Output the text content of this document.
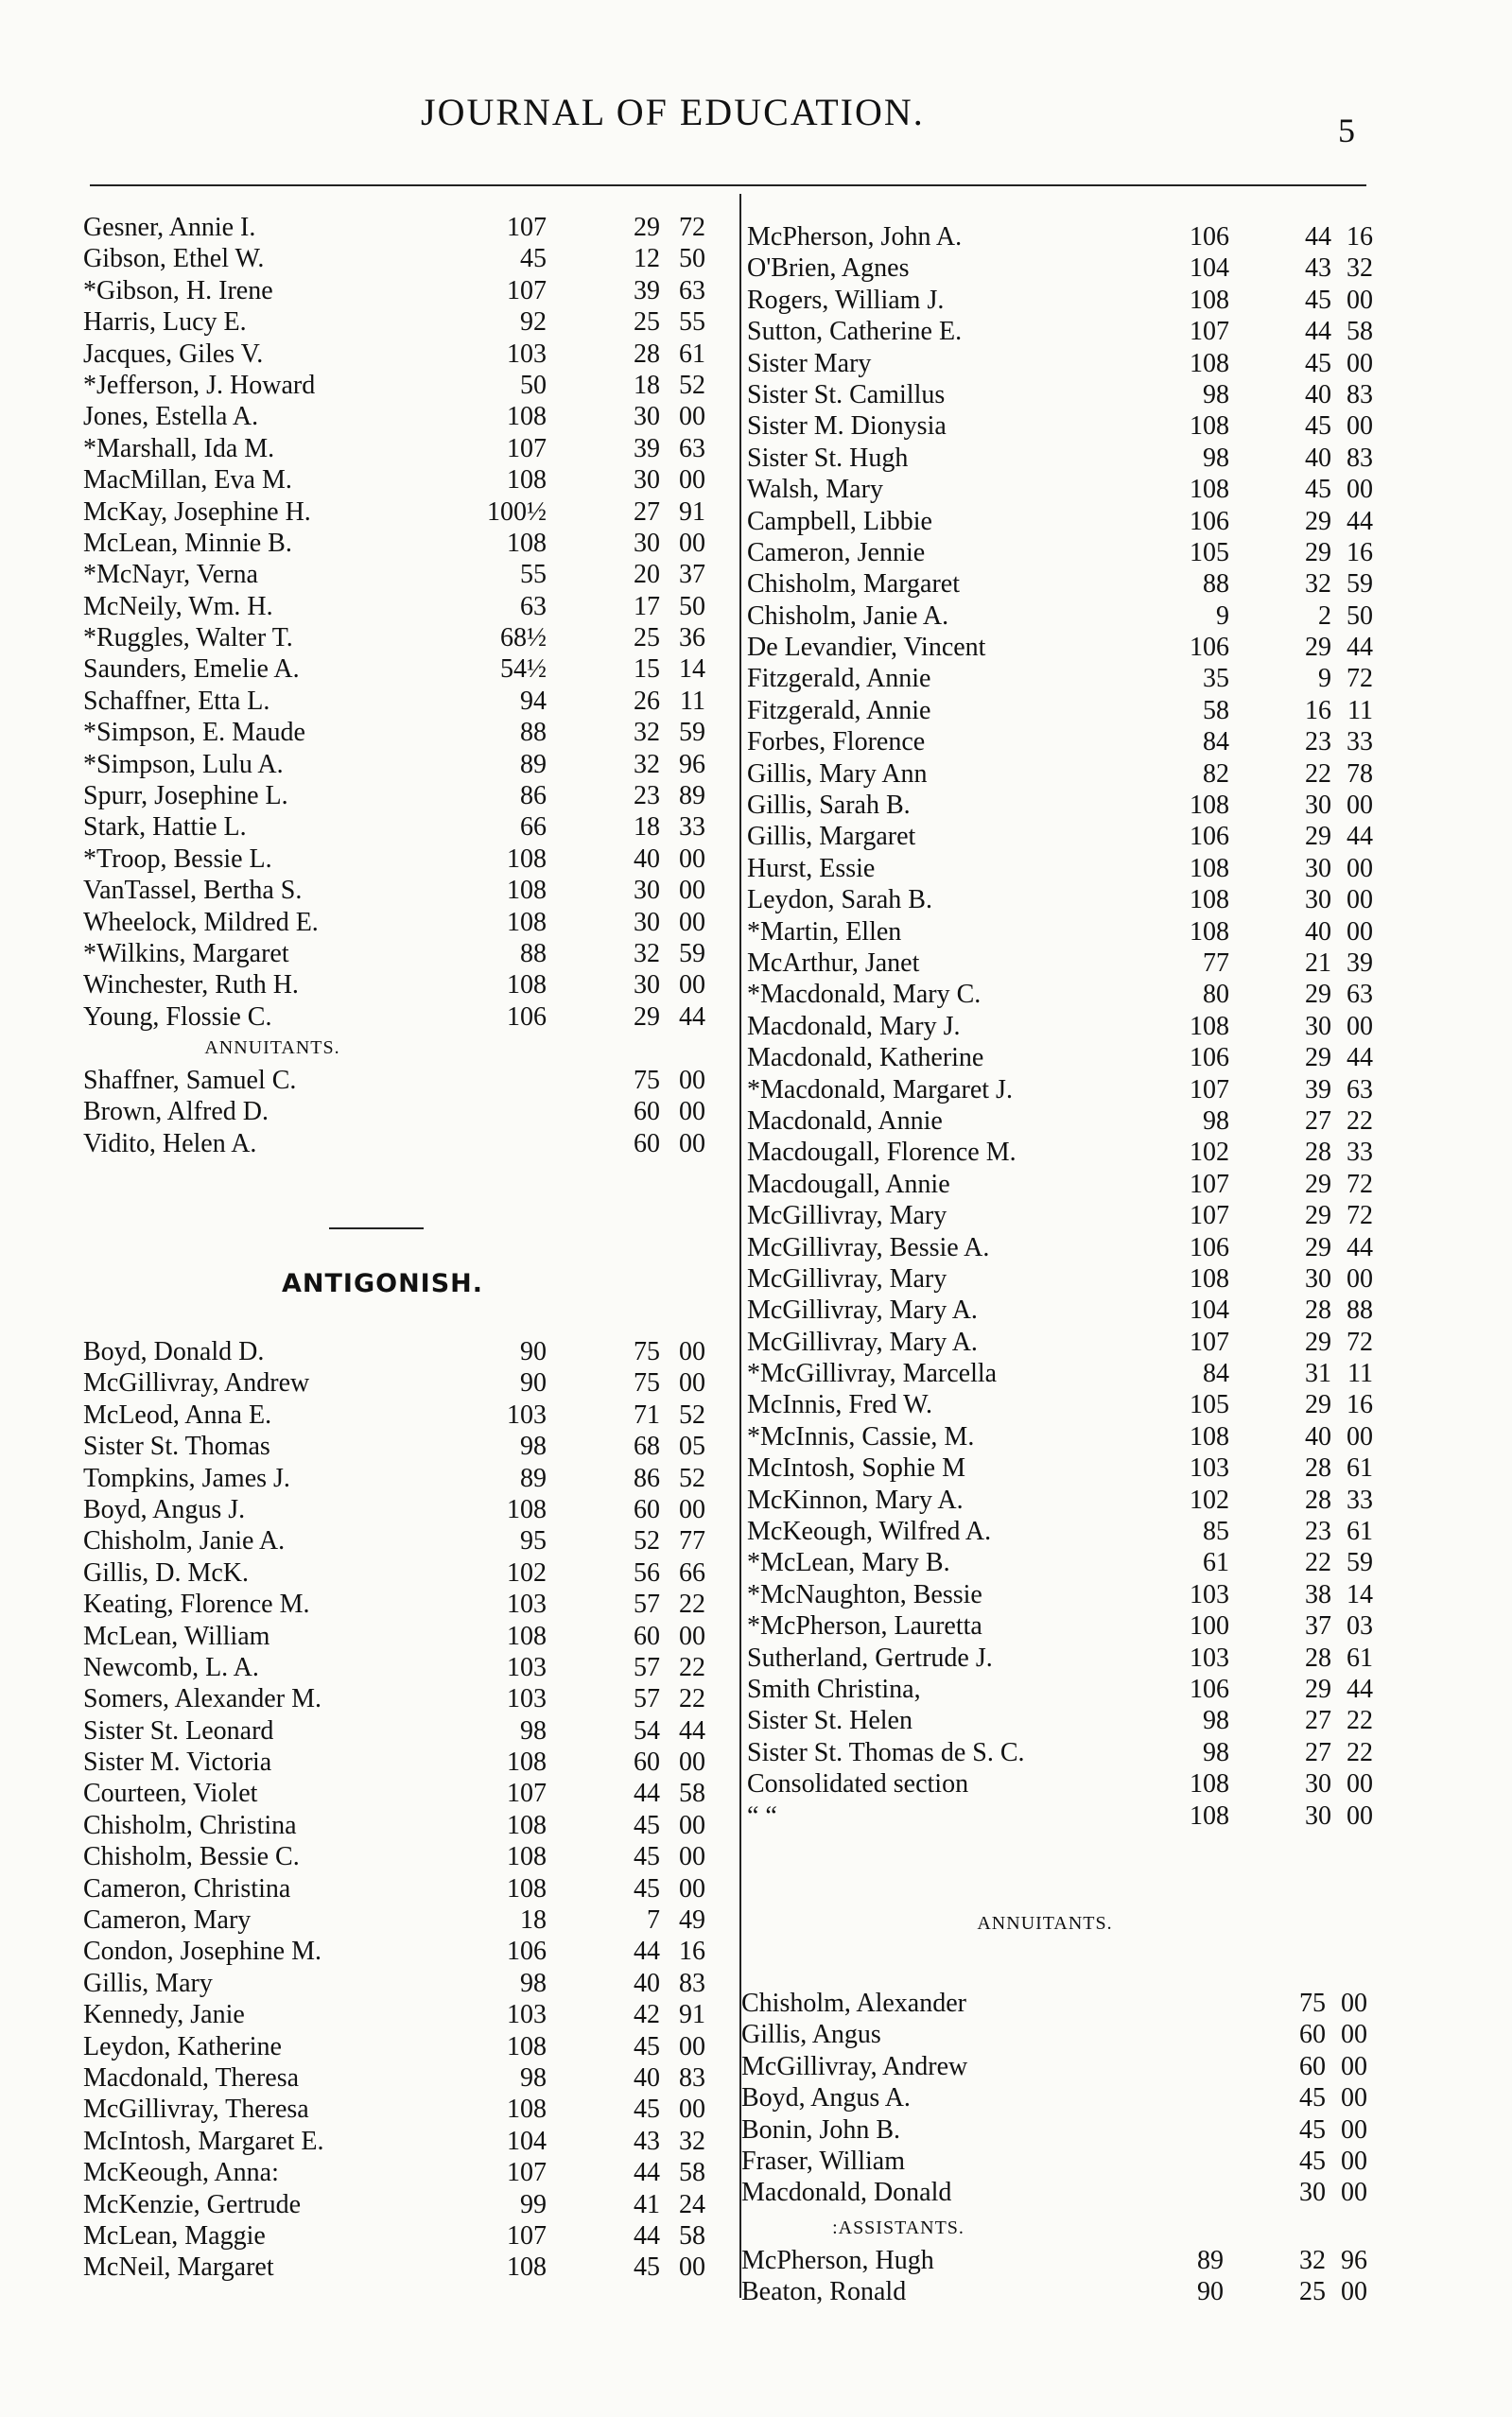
JOURNAL OF EDUCATION.	5
Gesner, Annie I.	107	29 72
Gibson, Ethel W.	45	12 50
*Gibson, H. Irene	107	39 63
Harris, Lucy E.	92	25 55
Jacques, Giles V.	103	28 61
*Jefferson, J. Howard	50	18 52
Jones, Estella A.	108	30 00
*Marshall, Ida M.	107	39 63
MacMillan, Eva M.	108	30 00
McKay, Josephine H.	100½	27 91
McLean, Minnie B.	108	30 00
*McNayr, Verna	55	20 37
McNeily, Wm. H.	63	17 50
*Ruggles, Walter T.	68½	25 36
Saunders, Emelie A.	54½	15 14
Schaffner, Etta L.	94	26 11
*Simpson, E. Maude	88	32 59
*Simpson, Lulu A.	89	32 96
Spurr, Josephine L.	86	23 89
Stark, Hattie L.	66	18 33
*Troop, Bessie L.	108	40 00
VanTassel, Bertha S.	108	30 00
Wheelock, Mildred E.	108	30 00
*Wilkins, Margaret	88	32 59
Winchester, Ruth H.	108	30 00
Young, Flossie C.	106	29 44
ANNUITANTS.
Shaffner, Samuel C.	75 00
Brown, Alfred D.	60 00
Vidito, Helen A.	60 00
ANTIGONISH.
Boyd, Donald D.	90	75 00
McGillivray, Andrew	90	75 00
McLeod, Anna E.	103	71 52
Sister St. Thomas	98	68 05
Tompkins, James J.	89	86 52
Boyd, Angus J.	108	60 00
Chisholm, Janie A.	95	52 77
Gillis, D. McK.	102	56 66
Keating, Florence M.	103	57 22
McLean, William	108	60 00
Newcomb, L. A.	103	57 22
Somers, Alexander M.	103	57 22
Sister St. Leonard	98	54 44
Sister M. Victoria	108	60 00
Courteen, Violet	107	44 58
Chisholm, Christina	108	45 00
Chisholm, Bessie C.	108	45 00
Cameron, Christina	108	45 00
Cameron, Mary	18	7 49
Condon, Josephine M.	106	44 16
Gillis, Mary	98	40 83
Kennedy, Janie	103	42 91
Leydon, Katherine	108	45 00
Macdonald, Theresa	98	40 83
McGillivray, Theresa	108	45 00
McIntosh, Margaret E.	104	43 32
McKeough, Anna:	107	44 58
McKenzie, Gertrude	99	41 24
McLean, Maggie	107	44 58
McNeil, Margaret	108	45 00
McPherson, John A.	106	44 16
O'Brien, Agnes	104	43 32
Rogers, William J.	108	45 00
Sutton, Catherine E.	107	44 58
Sister Mary	108	45 00
Sister St. Camillus	98	40 83
Sister M. Dionysia	108	45 00
Sister St. Hugh	98	40 83
Walsh, Mary	108	45 00
Campbell, Libbie	106	29 44
Cameron, Jennie	105	29 16
Chisholm, Margaret	88	32 59
Chisholm, Janie A.	9	2 50
De Levandier, Vincent	106	29 44
Fitzgerald, Annie	35	9 72
Fitzgerald, Annie	58	16 11
Forbes, Florence	84	23 33
Gillis, Mary Ann	82	22 78
Gillis, Sarah B.	108	30 00
Gillis, Margaret	106	29 44
Hurst, Essie	108	30 00
Leydon, Sarah B.	108	30 00
*Martin, Ellen	108	40 00
McArthur, Janet	77	21 39
*Macdonald, Mary C.	80	29 63
Macdonald, Mary J.	108	30 00
Macdonald, Katherine	106	29 44
*Macdonald, Margaret J.	107	39 63
Macdonald, Annie	98	27 22
Macdougall, Florence M.	102	28 33
Macdougall, Annie	107	29 72
McGillivray, Mary	107	29 72
McGillivray, Bessie A.	106	29 44
McGillivray, Mary	108	30 00
McGillivray, Mary A.	104	28 88
McGillivray, Mary A.	107	29 72
*McGillivray, Marcella	84	31 11
McInnis, Fred W.	105	29 16
*McInnis, Cassie, M.	108	40 00
McIntosh, Sophie M	103	28 61
McKinnon, Mary A.	102	28 33
McKeough, Wilfred A.	85	23 61
*McLean, Mary B.	61	22 59
*McNaughton, Bessie	103	38 14
*McPherson, Lauretta	100	37 03
Sutherland, Gertrude J.	103	28 61
Smith Christina,	106	29 44
Sister St. Helen	98	27 22
Sister St. Thomas de S. C.	98	27 22
Consolidated section	108	30 00
“ “	108	30 00
ANNUITANTS.
Chisholm, Alexander	75 00
Gillis, Angus	60 00
McGillivray, Andrew	60 00
Boyd, Angus A.	45 00
Bonin, John B.	45 00
Fraser, William	45 00
Macdonald, Donald	30 00
:ASSISTANTS.
McPherson, Hugh	89	32 96
Beaton, Ronald	90	25 00
